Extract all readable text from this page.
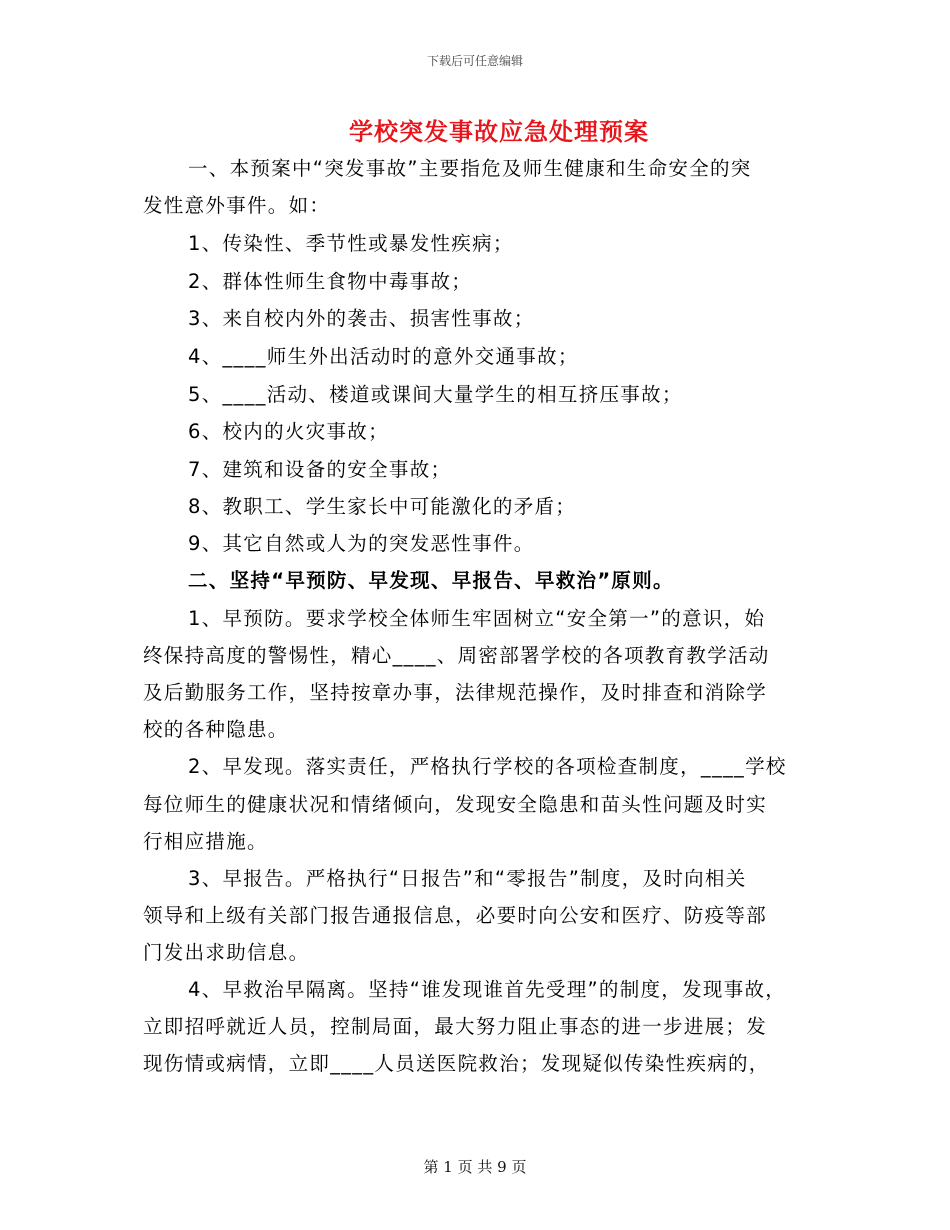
下载后可任意编辑
学校突发事故应急处理预案
一、本预案中“突发事故”主要指危及师生健康和生命安全的突
发性意外事件。如：
1、传染性、季节性或暴发性疾病；
2、群体性师生食物中毒事故；
3、来自校内外的袭击、损害性事故；
4、____师生外出活动时的意外交通事故；
5、____活动、楼道或课间大量学生的相互挤压事故；
6、校内的火灾事故；
7、建筑和设备的安全事故；
8、教职工、学生家长中可能激化的矛盾；
9、其它自然或人为的突发恶性事件。
二、坚持“早预防、早发现、早报告、早救治”原则。
1、早预防。要求学校全体师生牢固树立“安全第一”的意识，始
终保持高度的警惕性，精心____、周密部署学校的各项教育教学活动
及后勤服务工作，坚持按章办事，法律规范操作，及时排查和消除学
校的各种隐患。
2、早发现。落实责任，严格执行学校的各项检查制度，____学校
每位师生的健康状况和情绪倾向，发现安全隐患和苗头性问题及时实
行相应措施。
3、早报告。严格执行“日报告”和“零报告”制度，及时向相关
领导和上级有关部门报告通报信息，必要时向公安和医疗、防疫等部
门发出求助信息。
4、早救治早隔离。坚持“谁发现谁首先受理”的制度，发现事故，
立即招呼就近人员，控制局面，最大努力阻止事态的进一步进展；发
现伤情或病情，立即____人员送医院救治；发现疑似传染性疾病的，
第 1 页 共 9 页
